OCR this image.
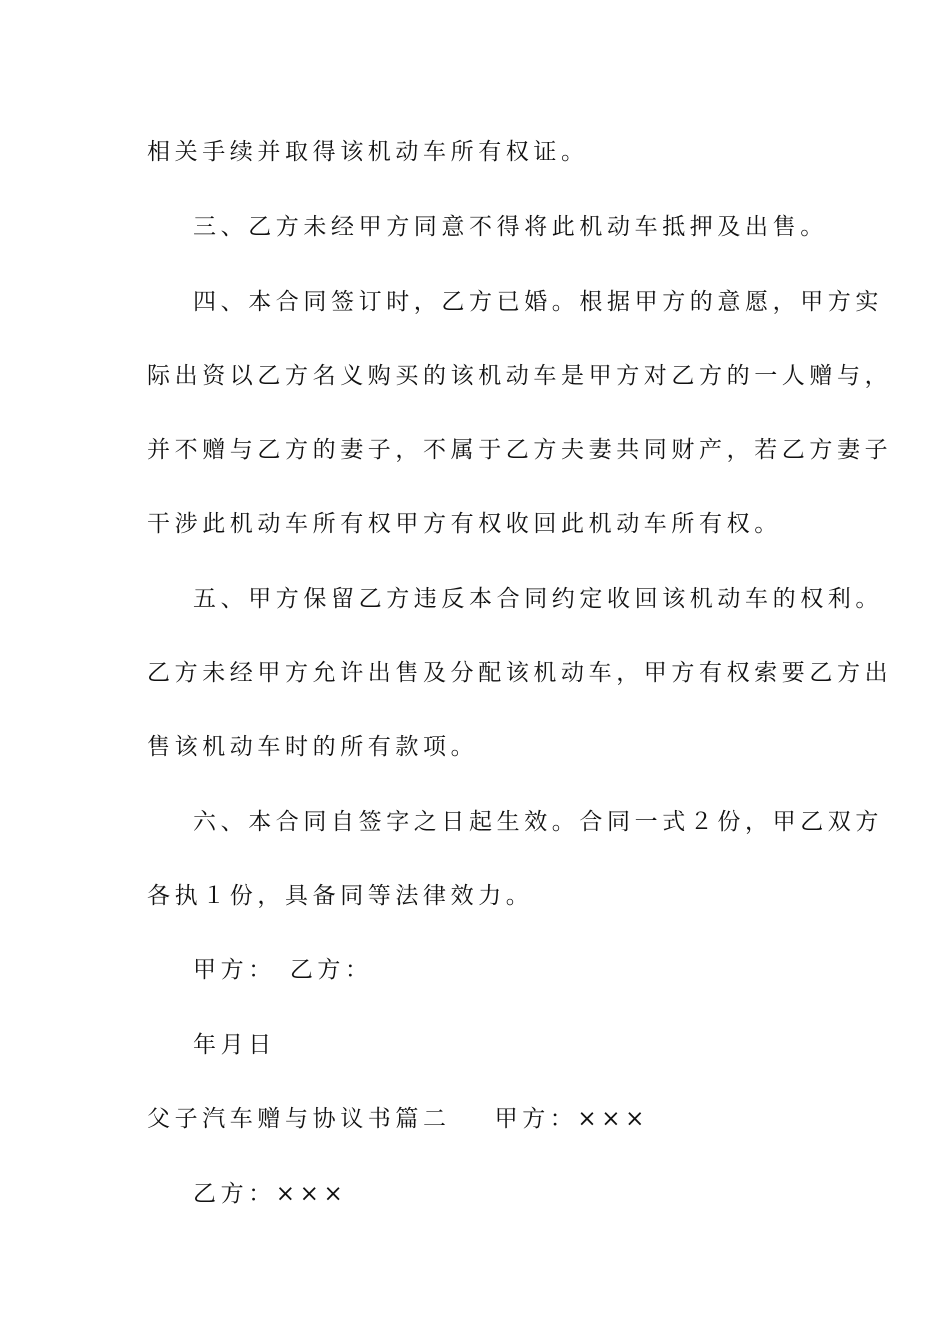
相关手续并取得该机动车所有权证。
三、乙方未经甲方同意不得将此机动车抵押及出售。
四、本合同签订时，乙方已婚。根据甲方的意愿，甲方实
际出资以乙方名义购买的该机动车是甲方对乙方的一人赠与，
并不赠与乙方的妻子，不属于乙方夫妻共同财产，若乙方妻子
干涉此机动车所有权甲方有权收回此机动车所有权。
五、甲方保留乙方违反本合同约定收回该机动车的权利。
乙方未经甲方允许出售及分配该机动车，甲方有权索要乙方出
售该机动车时的所有款项。
六、本合同自签字之日起生效。合同一式２份，甲乙双方
各执１份，具备同等法律效力。
甲方： 乙方：
年月日
父子汽车赠与协议书篇二 甲方：×××
乙方：×××
